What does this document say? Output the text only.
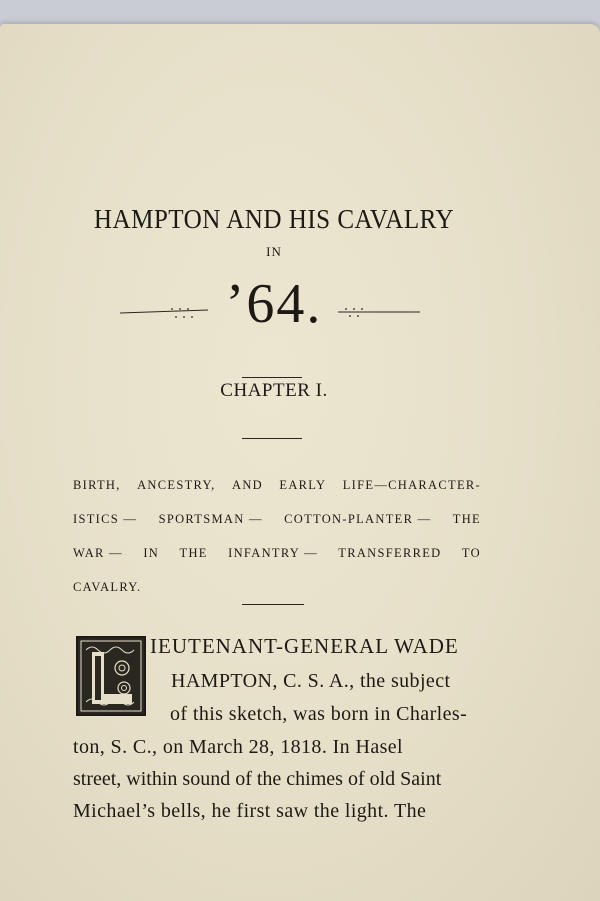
HAMPTON AND HIS CAVALRY
IN
’64.
CHAPTER I.
BIRTH, ANCESTRY, AND EARLY LIFE—CHARACTER-
ISTICS — SPORTSMAN — COTTON-PLANTER — THE
WAR — IN THE INFANTRY — TRANSFERRED TO
CAVALRY.
IEUTENANT-GENERAL WADE
HAMPTON, C. S. A., the subject
of this sketch, was born in Charles-
ton, S. C., on March 28, 1818. In Hasel
street, within sound of the chimes of old Saint
Michael’s bells, he first saw the light. The
